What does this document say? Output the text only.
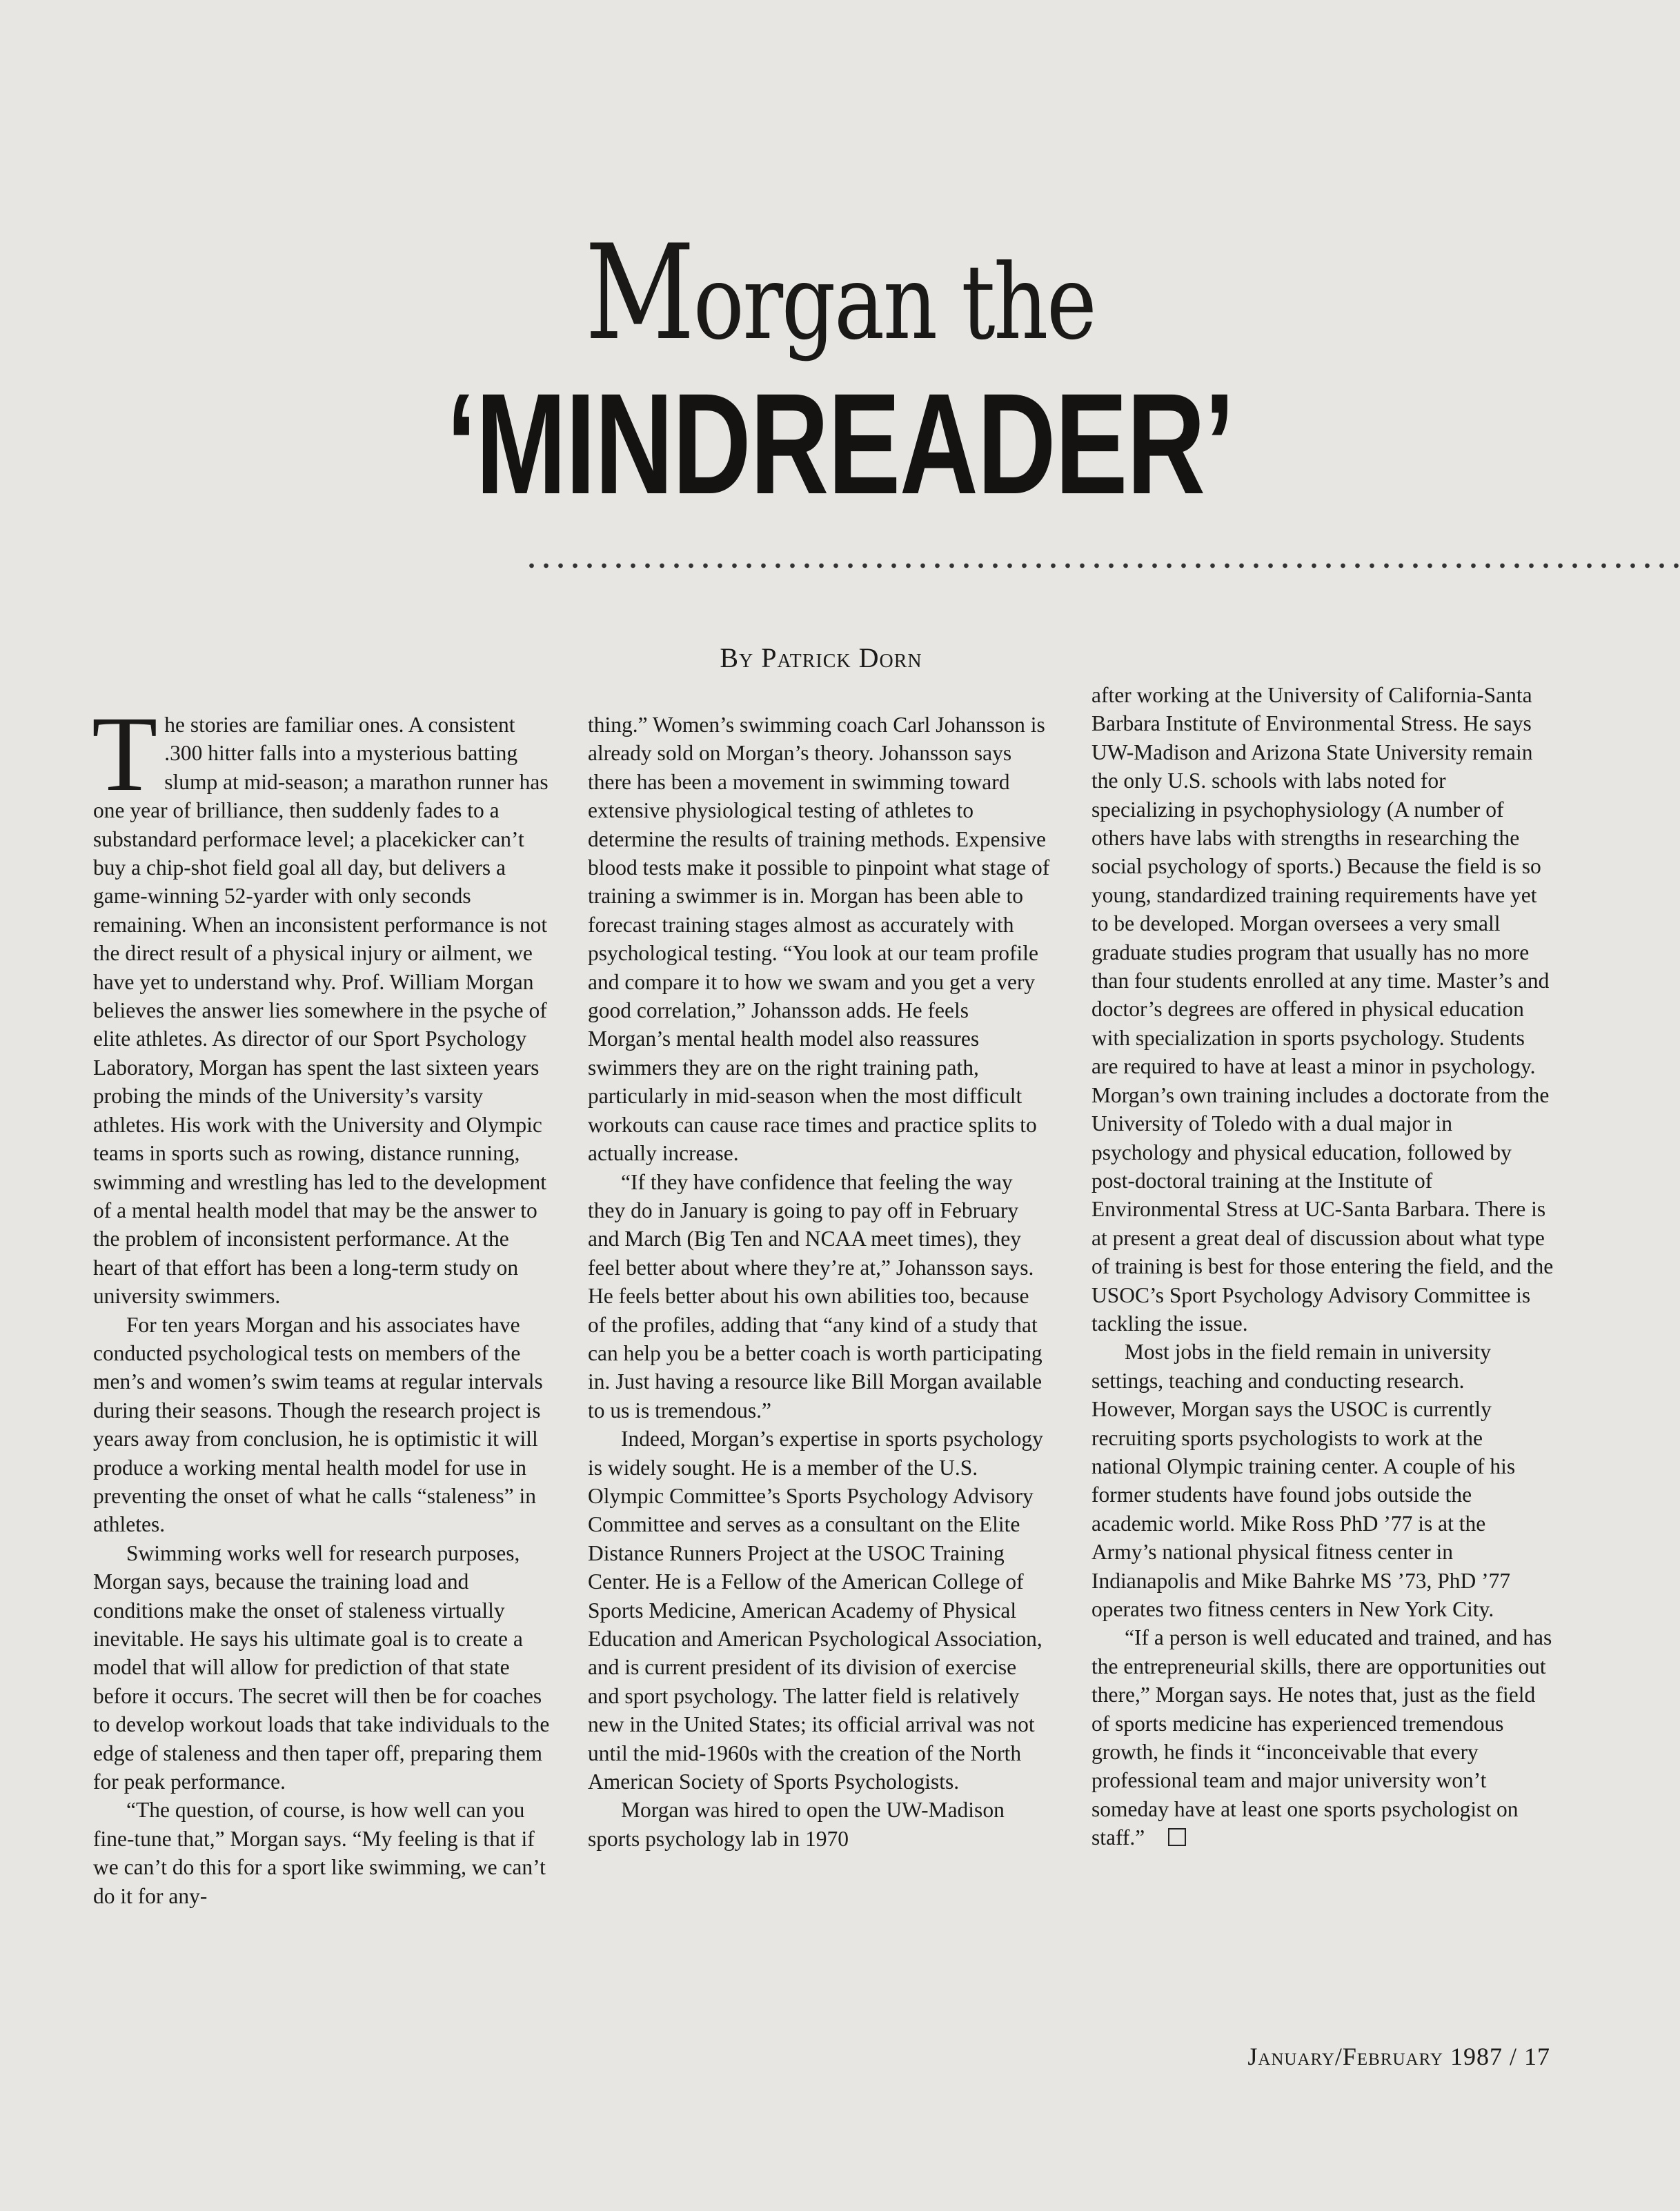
Morgan the
‘MINDREADER’
By Patrick Dorn

The stories are familiar ones. A consistent .300 hitter falls into a mysterious batting slump at mid-season; a marathon runner has one year of brilliance, then suddenly fades to a substandard performace level; a placekicker can’t buy a chip-shot field goal all day, but delivers a game-winning 52-yarder with only seconds remaining. When an inconsistent performance is not the direct result of a physical injury or ailment, we have yet to understand why. Prof. William Morgan believes the answer lies somewhere in the psyche of elite athletes. As director of our Sport Psychology Laboratory, Morgan has spent the last sixteen years probing the minds of the University’s varsity athletes. His work with the University and Olympic teams in sports such as rowing, distance running, swimming and wrestling has led to the development of a mental health model that may be the answer to the problem of inconsistent performance. At the heart of that effort has been a long-term study on university swimmers.

For ten years Morgan and his associates have conducted psychological tests on members of the men’s and women’s swim teams at regular intervals during their seasons. Though the research project is years away from conclusion, he is optimistic it will produce a working mental health model for use in preventing the onset of what he calls “staleness” in athletes.

Swimming works well for research purposes, Morgan says, because the training load and conditions make the onset of staleness virtually inevitable. He says his ultimate goal is to create a model that will allow for prediction of that state before it occurs. The secret will then be for coaches to develop workout loads that take individuals to the edge of staleness and then taper off, preparing them for peak performance.

“The question, of course, is how well can you fine-tune that,” Morgan says. “My feeling is that if we can’t do this for a sport like swimming, we can’t do it for any-

thing.” Women’s swimming coach Carl Johansson is already sold on Morgan’s theory. Johansson says there has been a movement in swimming toward extensive physiological testing of athletes to determine the results of training methods. Expensive blood tests make it possible to pinpoint what stage of training a swimmer is in. Morgan has been able to forecast training stages almost as accurately with psychological testing. “You look at our team profile and compare it to how we swam and you get a very good correlation,” Johansson adds. He feels Morgan’s mental health model also reassures swimmers they are on the right training path, particularly in mid-season when the most difficult workouts can cause race times and practice splits to actually increase.

“If they have confidence that feeling the way they do in January is going to pay off in February and March (Big Ten and NCAA meet times), they feel better about where they’re at,” Johansson says. He feels better about his own abilities too, because of the profiles, adding that “any kind of a study that can help you be a better coach is worth participating in. Just having a resource like Bill Morgan available to us is tremendous.”

Indeed, Morgan’s expertise in sports psychology is widely sought. He is a member of the U.S. Olympic Committee’s Sports Psychology Advisory Committee and serves as a consultant on the Elite Distance Runners Project at the USOC Training Center. He is a Fellow of the American College of Sports Medicine, American Academy of Physical Education and American Psychological Association, and is current president of its division of exercise and sport psychology. The latter field is relatively new in the United States; its official arrival was not until the mid-1960s with the creation of the North American Society of Sports Psychologists.

Morgan was hired to open the UW-Madison sports psychology lab in 1970

after working at the University of California-Santa Barbara Institute of Environmental Stress. He says UW-Madison and Arizona State University remain the only U.S. schools with labs noted for specializing in psychophysiology (A number of others have labs with strengths in researching the social psychology of sports.) Because the field is so young, standardized training requirements have yet to be developed. Morgan oversees a very small graduate studies program that usually has no more than four students enrolled at any time. Master’s and doctor’s degrees are offered in physical education with specialization in sports psychology. Students are required to have at least a minor in psychology. Morgan’s own training includes a doctorate from the University of Toledo with a dual major in psychology and physical education, followed by post-doctoral training at the Institute of Environmental Stress at UC-Santa Barbara. There is at present a great deal of discussion about what type of training is best for those entering the field, and the USOC’s Sport Psychology Advisory Committee is tackling the issue.

Most jobs in the field remain in university settings, teaching and conducting research. However, Morgan says the USOC is currently recruiting sports psychologists to work at the national Olympic training center. A couple of his former students have found jobs outside the academic world. Mike Ross PhD ’77 is at the Army’s national physical fitness center in Indianapolis and Mike Bahrke MS ’73, PhD ’77 operates two fitness centers in New York City.

“If a person is well educated and trained, and has the entrepreneurial skills, there are opportunities out there,” Morgan says. He notes that, just as the field of sports medicine has experienced tremendous growth, he finds it “inconceivable that every professional team and major university won’t someday have at least one sports psychologist on staff.”

January/February 1987 / 17
